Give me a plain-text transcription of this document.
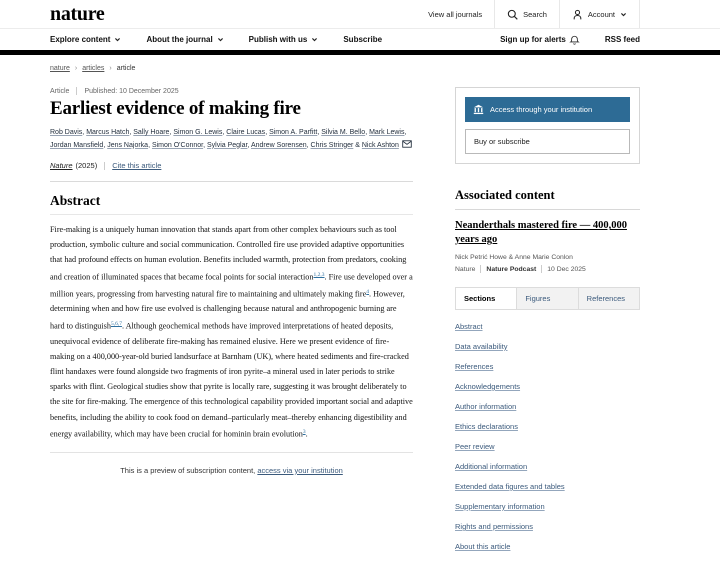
nature	View all journals	Search	Account
Explore content	About the journal	Publish with us	Subscribe	Sign up for alerts	RSS feed
nature › articles › article
Article Published: 10 December 2025
Earliest evidence of making fire
Rob Davis, Marcus Hatch, Sally Hoare, Simon G. Lewis, Claire Lucas, Simon A. Parfitt, Silvia M. Bello, Mark Lewis, Jordan Mansfield, Jens Najorka, Simon O'Connor, Sylvia Peglar, Andrew Sorensen, Chris Stringer & Nick Ashton
Nature (2025) Cite this article
Abstract

Fire-making is a uniquely human innovation that stands apart from other complex behaviours such as tool production, symbolic culture and social communication. Controlled fire use provided adaptive opportunities that had profound effects on human evolution. Benefits included warmth, protection from predators, cooking and creation of illuminated spaces that became focal points for social interaction$^{1,2,3}$. Fire use developed over a million years, progressing from harvesting natural fire to maintaining and ultimately making fire$^4$. However, determining when and how fire use evolved is challenging because natural and anthropogenic burning are hard to distinguish$^{5,6,7}$. Although geochemical methods have improved interpretations of heated deposits, unequivocal evidence of deliberate fire-making has remained elusive. Here we present evidence of fire-making on a 400,000-year-old buried landsurface at Barnham (UK), where heated sediments and fire-cracked flint handaxes were found alongside two fragments of iron pyrite–a mineral used in later periods to strike sparks with flint. Geological studies show that pyrite is locally rare, suggesting it was brought deliberately to the site for fire-making. The emergence of this technological capability provided important social and adaptive benefits, including the ability to cook food on demand–particularly meat–thereby enhancing digestibility and energy availability, which may have been crucial for hominin brain evolution$^3$.

This is a preview of subscription content, access via your institution
Access through your institution
Buy or subscribe
Associated content
Neanderthals mastered fire — 400,000 years ago
Nick Petrić Howe & Anne Marie Conlon
Nature Nature Podcast 10 Dec 2025
Sections	Figures	References
Abstract
Data availability
References
Acknowledgements
Author information
Ethics declarations
Peer review
Additional information
Extended data figures and tables
Supplementary information
Rights and permissions
About this article
